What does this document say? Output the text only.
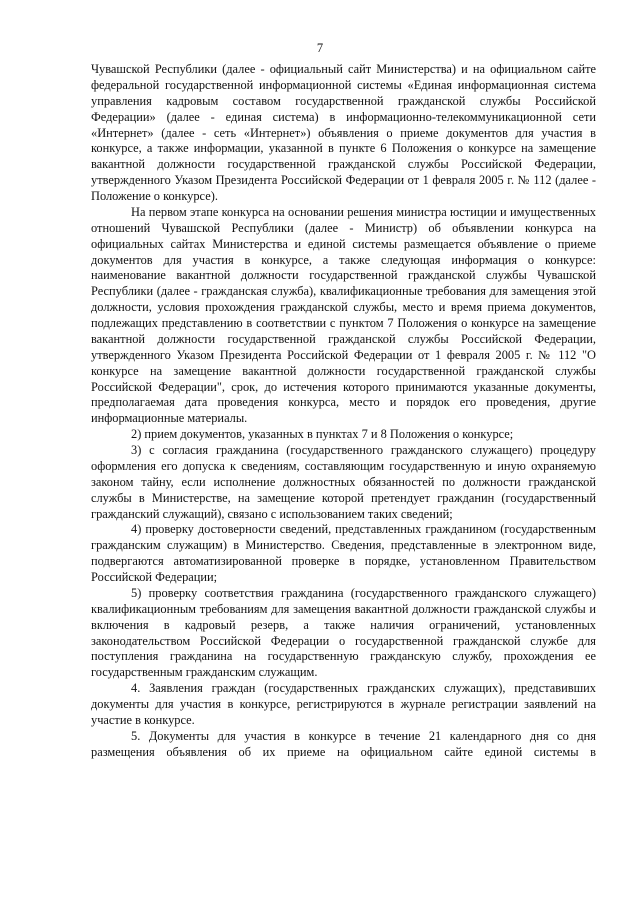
7

Чувашской Республики (далее - официальный сайт Министерства) и на официальном сайте федеральной государственной информационной системы «Единая информационная система управления кадровым составом государственной гражданской службы Российской Федерации» (далее - единая система) в информационно-телекоммуникационной сети «Интернет» (далее - сеть «Интернет») объявления о приеме документов для участия в конкурсе, а также информации, указанной в пункте 6 Положения о конкурсе на замещение вакантной должности государственной гражданской службы Российской Федерации, утвержденного Указом Президента Российской Федерации от 1 февраля 2005 г. № 112 (далее - Положение о конкурсе).

На первом этапе конкурса на основании решения министра юстиции и имущественных отношений Чувашской Республики (далее - Министр) об объявлении конкурса на официальных сайтах Министерства и единой системы размещается объявление о приеме документов для участия в конкурсе, а также следующая информация о конкурсе: наименование вакантной должности государственной гражданской службы Чувашской Республики (далее - гражданская служба), квалификационные требования для замещения этой должности, условия прохождения гражданской службы, место и время приема документов, подлежащих представлению в соответствии с пунктом 7 Положения о конкурсе на замещение вакантной должности государственной гражданской службы Российской Федерации, утвержденного Указом Президента Российской Федерации от 1 февраля 2005 г. № 112 "О конкурсе на замещение вакантной должности государственной гражданской службы Российской Федерации", срок, до истечения которого принимаются указанные документы, предполагаемая дата проведения конкурса, место и порядок его проведения, другие информационные материалы.

2) прием документов, указанных в пунктах 7 и 8 Положения о конкурсе;

3) с согласия гражданина (государственного гражданского служащего) процедуру оформления его допуска к сведениям, составляющим государственную и иную охраняемую законом тайну, если исполнение должностных обязанностей по должности гражданской службы в Министерстве, на замещение которой претендует гражданин (государственный гражданский служащий), связано с использованием таких сведений;

4) проверку достоверности сведений, представленных гражданином (государственным гражданским служащим) в Министерство. Сведения, представленные в электронном виде, подвергаются автоматизированной проверке в порядке, установленном Правительством Российской Федерации;

5) проверку соответствия гражданина (государственного гражданского служащего) квалификационным требованиям для замещения вакантной должности гражданской службы и включения в кадровый резерв, а также наличия ограничений, установленных законодательством Российской Федерации о государственной гражданской службе для поступления гражданина на государственную гражданскую службу, прохождения ее государственным гражданским служащим.

4. Заявления граждан (государственных гражданских служащих), представивших документы для участия в конкурсе, регистрируются в журнале регистрации заявлений на участие в конкурсе.

5. Документы для участия в конкурсе в течение 21 календарного дня со дня размещения объявления об их приеме на официальном сайте единой системы в
